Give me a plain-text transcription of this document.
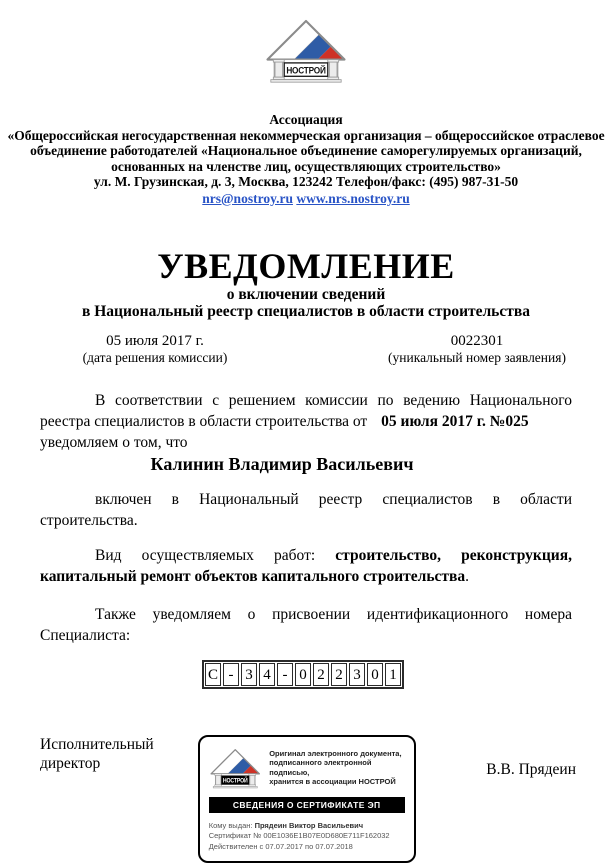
НОСТРОЙ
Ассоциация
«Общероссийская негосударственная некоммерческая организация – общероссийское отраслевое
объединение работодателей «Национальное объединение саморегулируемых организаций,
основанных на членстве лиц, осуществляющих строительство»
ул. М. Грузинская, д. 3, Москва, 123242 Телефон/факс: (495) 987-31-50
nrs@nostroy.ru www.nrs.nostroy.ru
УВЕДОМЛЕНИЕ
о включении сведений
в Национальный реестр специалистов в области строительства
05 июля 2017 г.
(дата решения комиссии)
0022301
(уникальный номер заявления)
В соответствии с решением комиссии по ведению Национального реестра специалистов в области строительства от 05 июля 2017 г. №025
уведомляем о том, что
Калинин Владимир Васильевич
включен в Национальный реестр специалистов в области строительства.
Вид осуществляемых работ: строительство, реконструкция, капитальный ремонт объектов капитального строительства.
Также уведомляем о присвоении идентификационного номера Специалиста:
С - 3 4 - 0 2 2 3 0 1
Исполнительный
директор
НОСТРОЙ
Оригинал электронного документа,
подписанного электронной подписью,
хранится в ассоциации НОСТРОЙ
СВЕДЕНИЯ О СЕРТИФИКАТЕ ЭП
Кому выдан: Прядеин Виктор Васильевич
Сертификат № 00E1036E1B07E0D680E711F162032
Действителен с 07.07.2017 по 07.07.2018
В.В. Прядеин
